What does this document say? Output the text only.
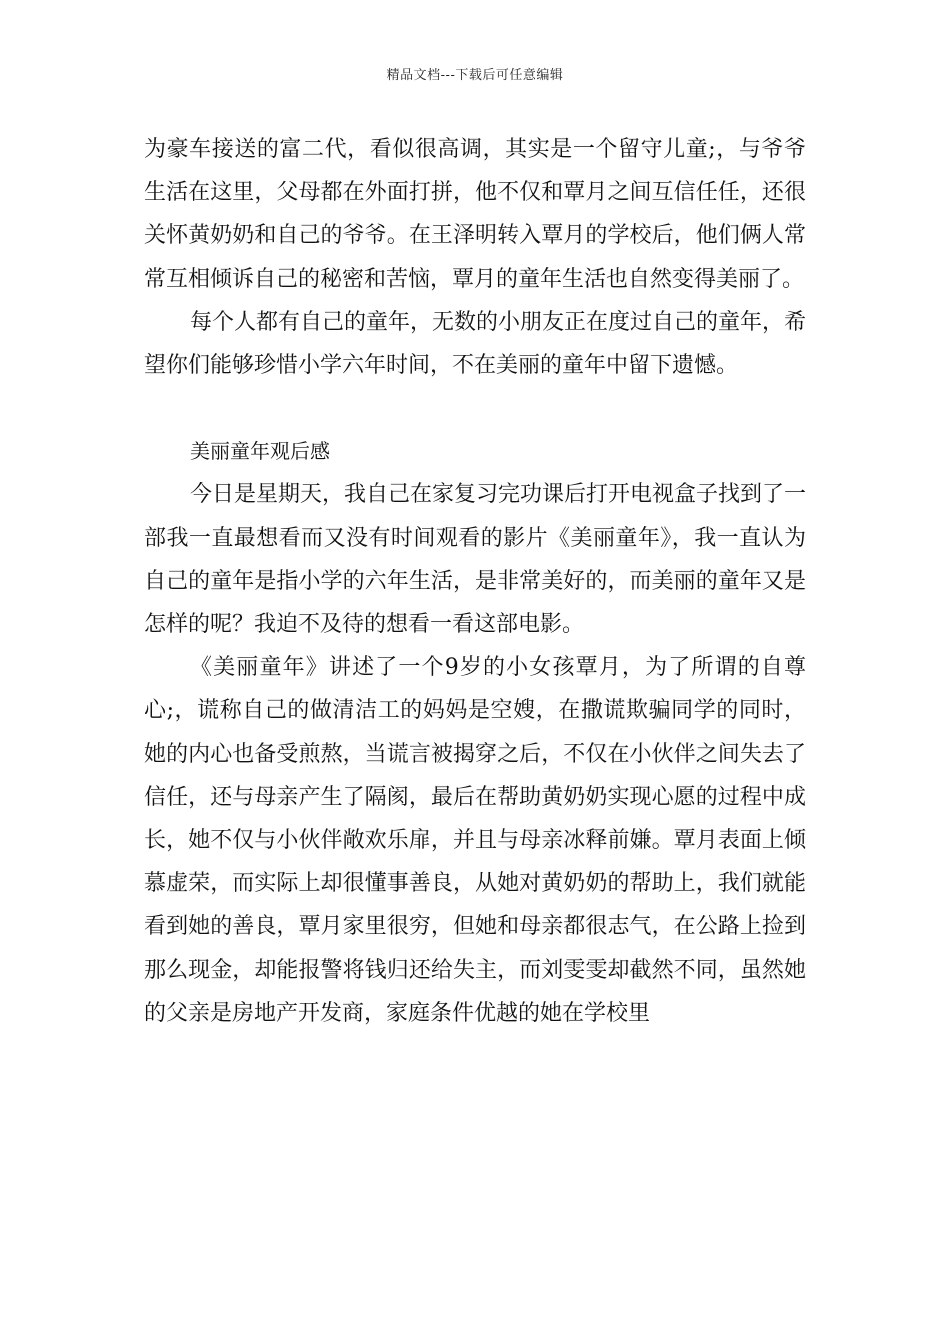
精品文档---下载后可任意编辑

为豪车接送的富二代，看似很高调，其实是一个留守儿童;，与爷爷生活在这里，父母都在外面打拼，他不仅和覃月之间互信任任，还很关怀黄奶奶和自己的爷爷。在王泽明转入覃月的学校后，他们俩人常常互相倾诉自己的秘密和苦恼，覃月的童年生活也自然变得美丽了。

每个人都有自己的童年，无数的小朋友正在度过自己的童年，希望你们能够珍惜小学六年时间，不在美丽的童年中留下遗憾。

美丽童年观后感

今日是星期天，我自己在家复习完功课后打开电视盒子找到了一部我一直最想看而又没有时间观看的影片《美丽童年》，我一直认为自己的童年是指小学的六年生活，是非常美好的，而美丽的童年又是怎样的呢？我迫不及待的想看一看这部电影。

《美丽童年》讲述了一个9岁的小女孩覃月，为了所谓的自尊心;，谎称自己的做清洁工的妈妈是空嫂，在撒谎欺骗同学的同时，她的内心也备受煎熬，当谎言被揭穿之后，不仅在小伙伴之间失去了信任，还与母亲产生了隔阂，最后在帮助黄奶奶实现心愿的过程中成长，她不仅与小伙伴敞欢乐扉，并且与母亲冰释前嫌。覃月表面上倾慕虚荣，而实际上却很懂事善良，从她对黄奶奶的帮助上，我们就能看到她的善良，覃月家里很穷，但她和母亲都很志气，在公路上捡到那么现金，却能报警将钱归还给失主，而刘雯雯却截然不同，虽然她的父亲是房地产开发商，家庭条件优越的她在学校里
